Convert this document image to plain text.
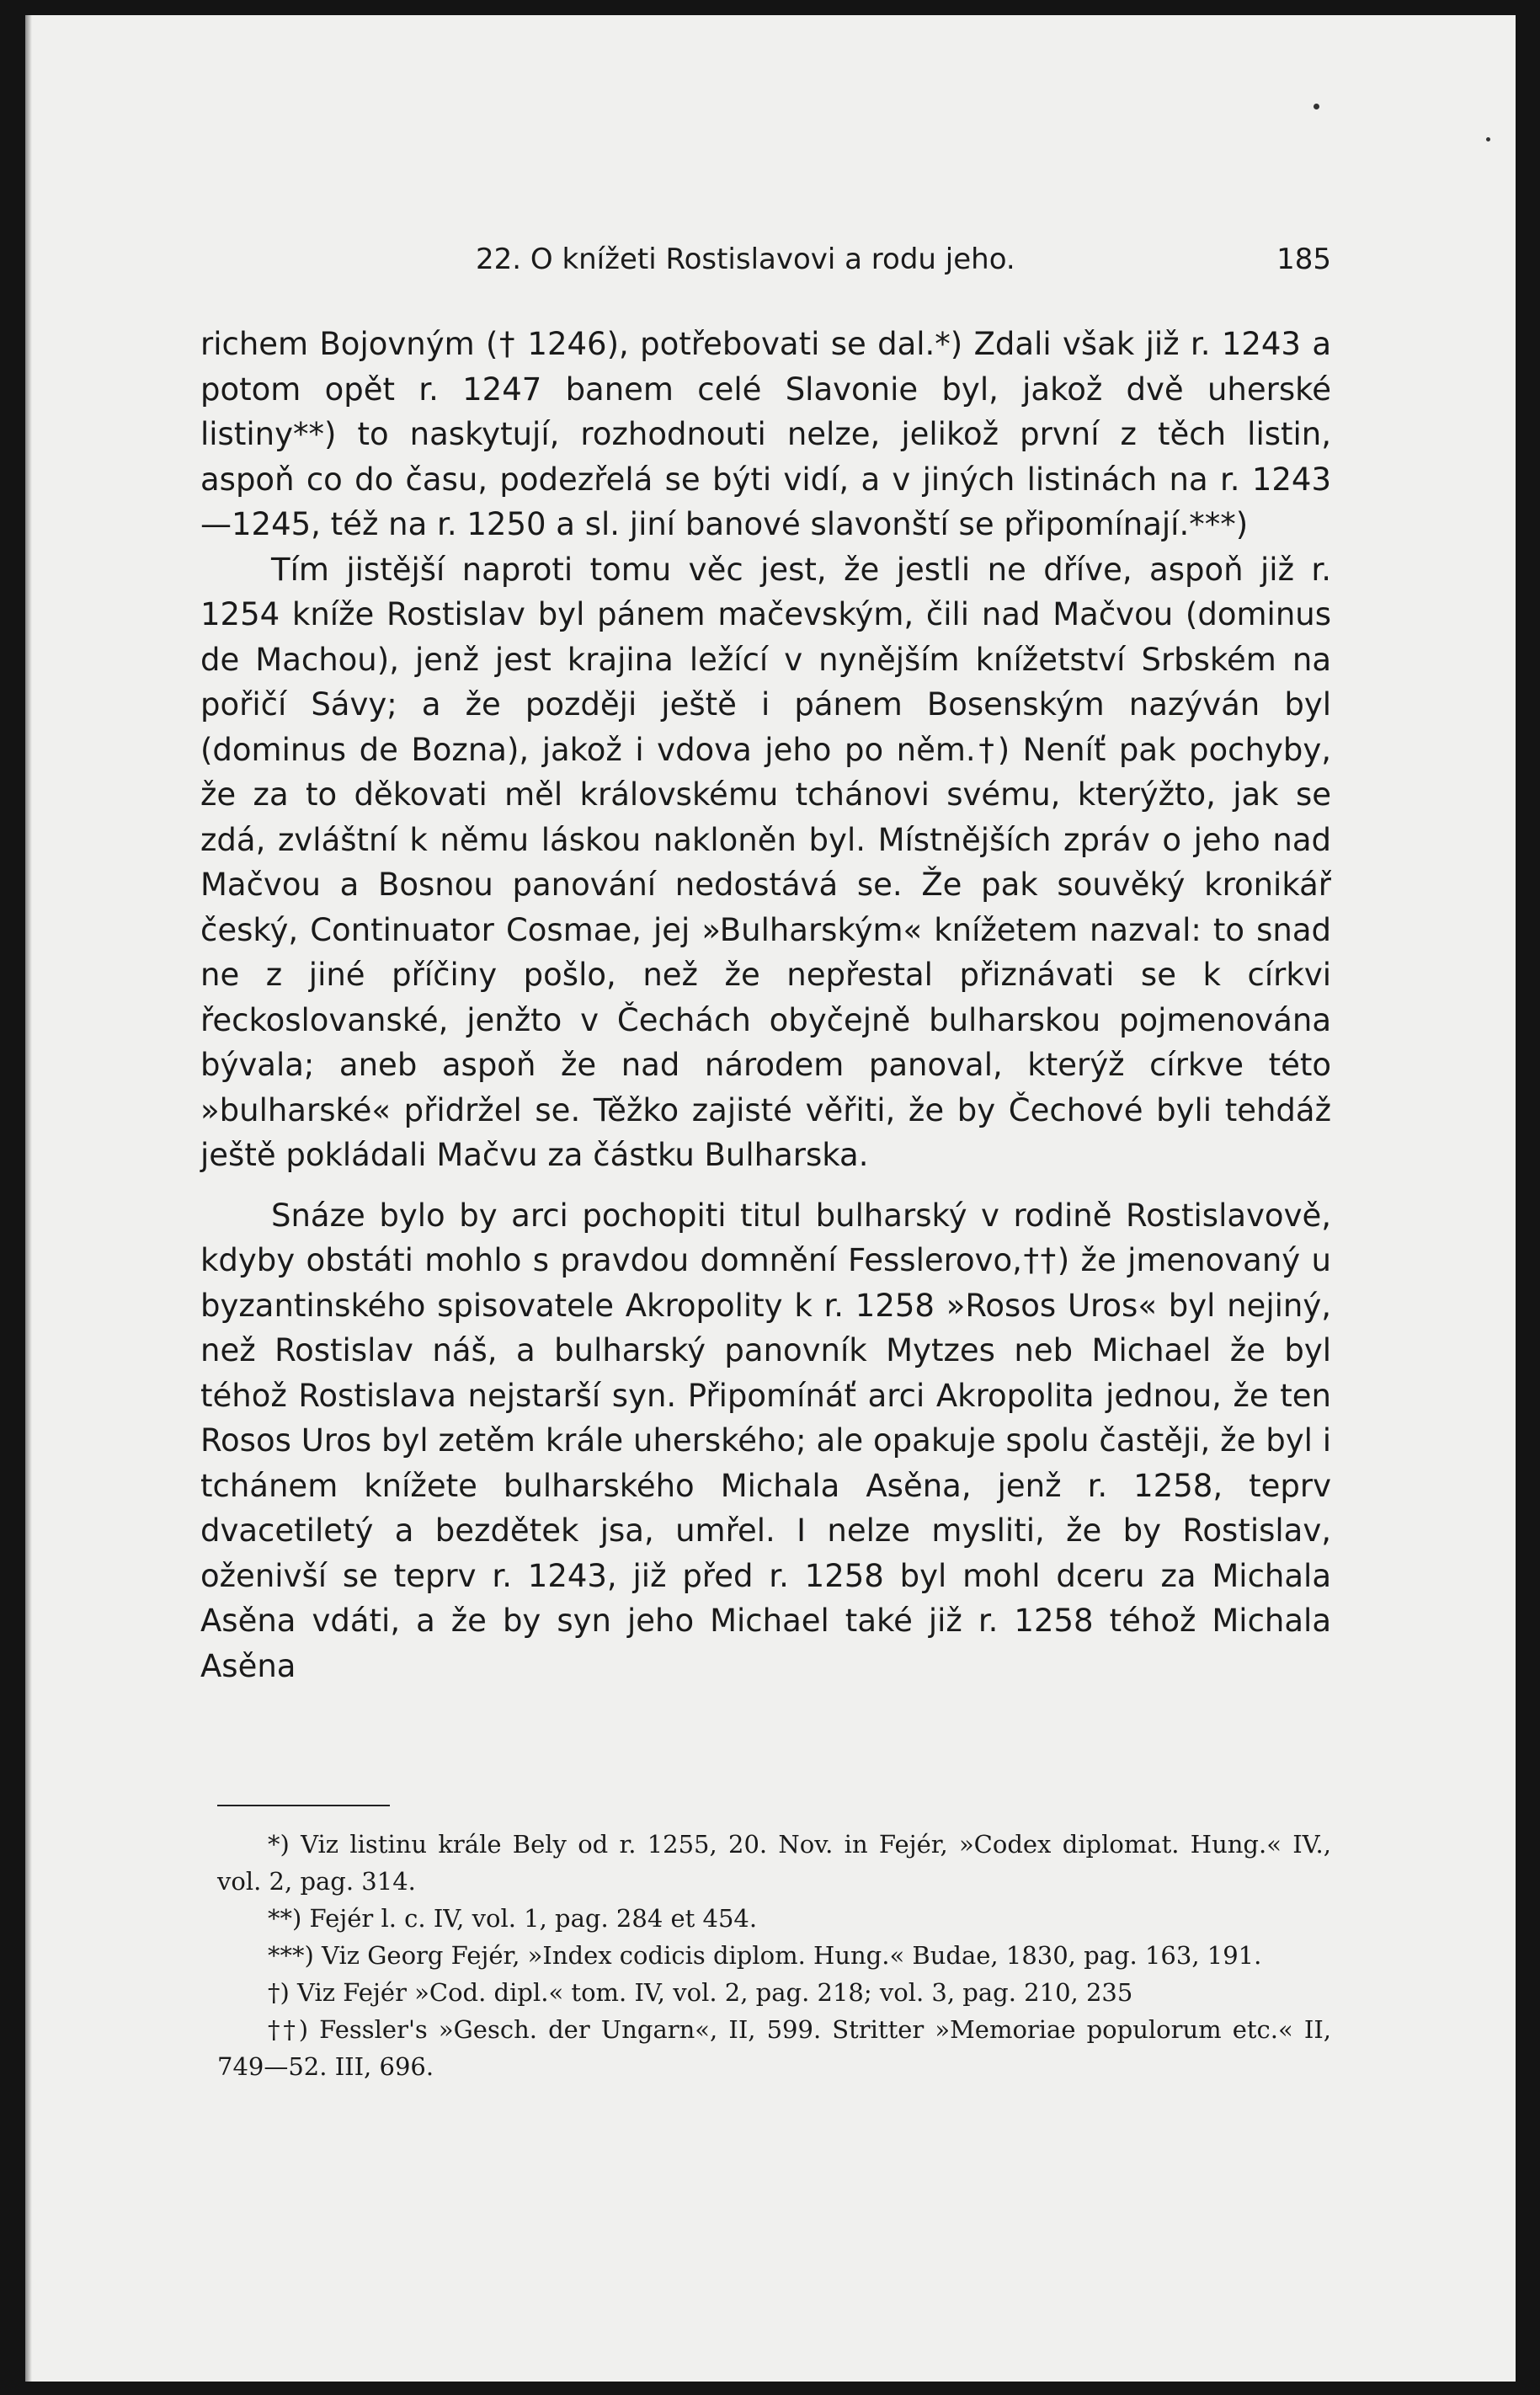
22. O knížeti Rostislavovi a rodu jeho.	185

richem Bojovným († 1246), potřebovati se dal.*) Zdali však již r. 1243 a potom opět r. 1247 banem celé Slavonie byl, jakož dvě uherské listiny**) to naskytují, rozhodnouti nelze, jelikož první z těch listin, aspoň co do času, podezřelá se býti vidí, a v jiných listinách na r. 1243—1245, též na r. 1250 a sl. jiní banové slavonští se připomínají.***)

Tím jistější naproti tomu věc jest, že jestli ne dříve, aspoň již r. 1254 kníže Rostislav byl pánem mačevským, čili nad Mačvou (dominus de Machou), jenž jest krajina ležící v nynějším knížetství Srbském na pořičí Sávy; a že později ještě i pánem Bosenským nazýván byl (dominus de Bozna), jakož i vdova jeho po něm.†) Neníť pak pochyby, že za to děkovati měl královskému tchánovi svému, kterýžto, jak se zdá, zvláštní k němu láskou nakloněn byl. Místnějších zpráv o jeho nad Mačvou a Bosnou panování nedostává se. Že pak souvěký kronikář český, Continuator Cosmae, jej »Bulharským« knížetem nazval: to snad ne z jiné příčiny pošlo, než že nepřestal přiznávati se k církvi řeckoslovanské, jenžto v Čechách obyčejně bulharskou pojmenována bývala; aneb aspoň že nad národem panoval, kterýž církve této »bulharské« přidržel se. Těžko zajisté věřiti, že by Čechové byli tehdáž ještě pokládali Mačvu za částku Bulharska.

Snáze bylo by arci pochopiti titul bulharský v rodině Rostislavově, kdyby obstáti mohlo s pravdou domnění Fesslerovo,††) že jmenovaný u byzantinského spisovatele Akropolity k r. 1258 »Rosos Uros« byl nejiný, než Rostislav náš, a bulharský panovník Mytzes neb Michael že byl téhož Rostislava nejstarší syn. Připomínáť arci Akropolita jednou, že ten Rosos Uros byl zetěm krále uherského; ale opakuje spolu častěji, že byl i tchánem knížete bulharského Michala Asěna, jenž r. 1258, teprv dvacetiletý a bezdětek jsa, umřel. I nelze mysliti, že by Rostislav, oženivší se teprv r. 1243, již před r. 1258 byl mohl dceru za Michala Asěna vdáti, a že by syn jeho Michael také již r. 1258 téhož Michala Asěna

*) Viz listinu krále Bely od r. 1255, 20. Nov. in Fejér, »Codex diplomat. Hung.« IV., vol. 2, pag. 314.

**) Fejér l. c. IV, vol. 1, pag. 284 et 454.

***) Viz Georg Fejér, »Index codicis diplom. Hung.« Budae, 1830, pag. 163, 191.

†) Viz Fejér »Cod. dipl.« tom. IV, vol. 2, pag. 218; vol. 3, pag. 210, 235

††) Fessler's »Gesch. der Ungarn«, II, 599. Stritter »Memoriae populorum etc.« II, 749—52. III, 696.
